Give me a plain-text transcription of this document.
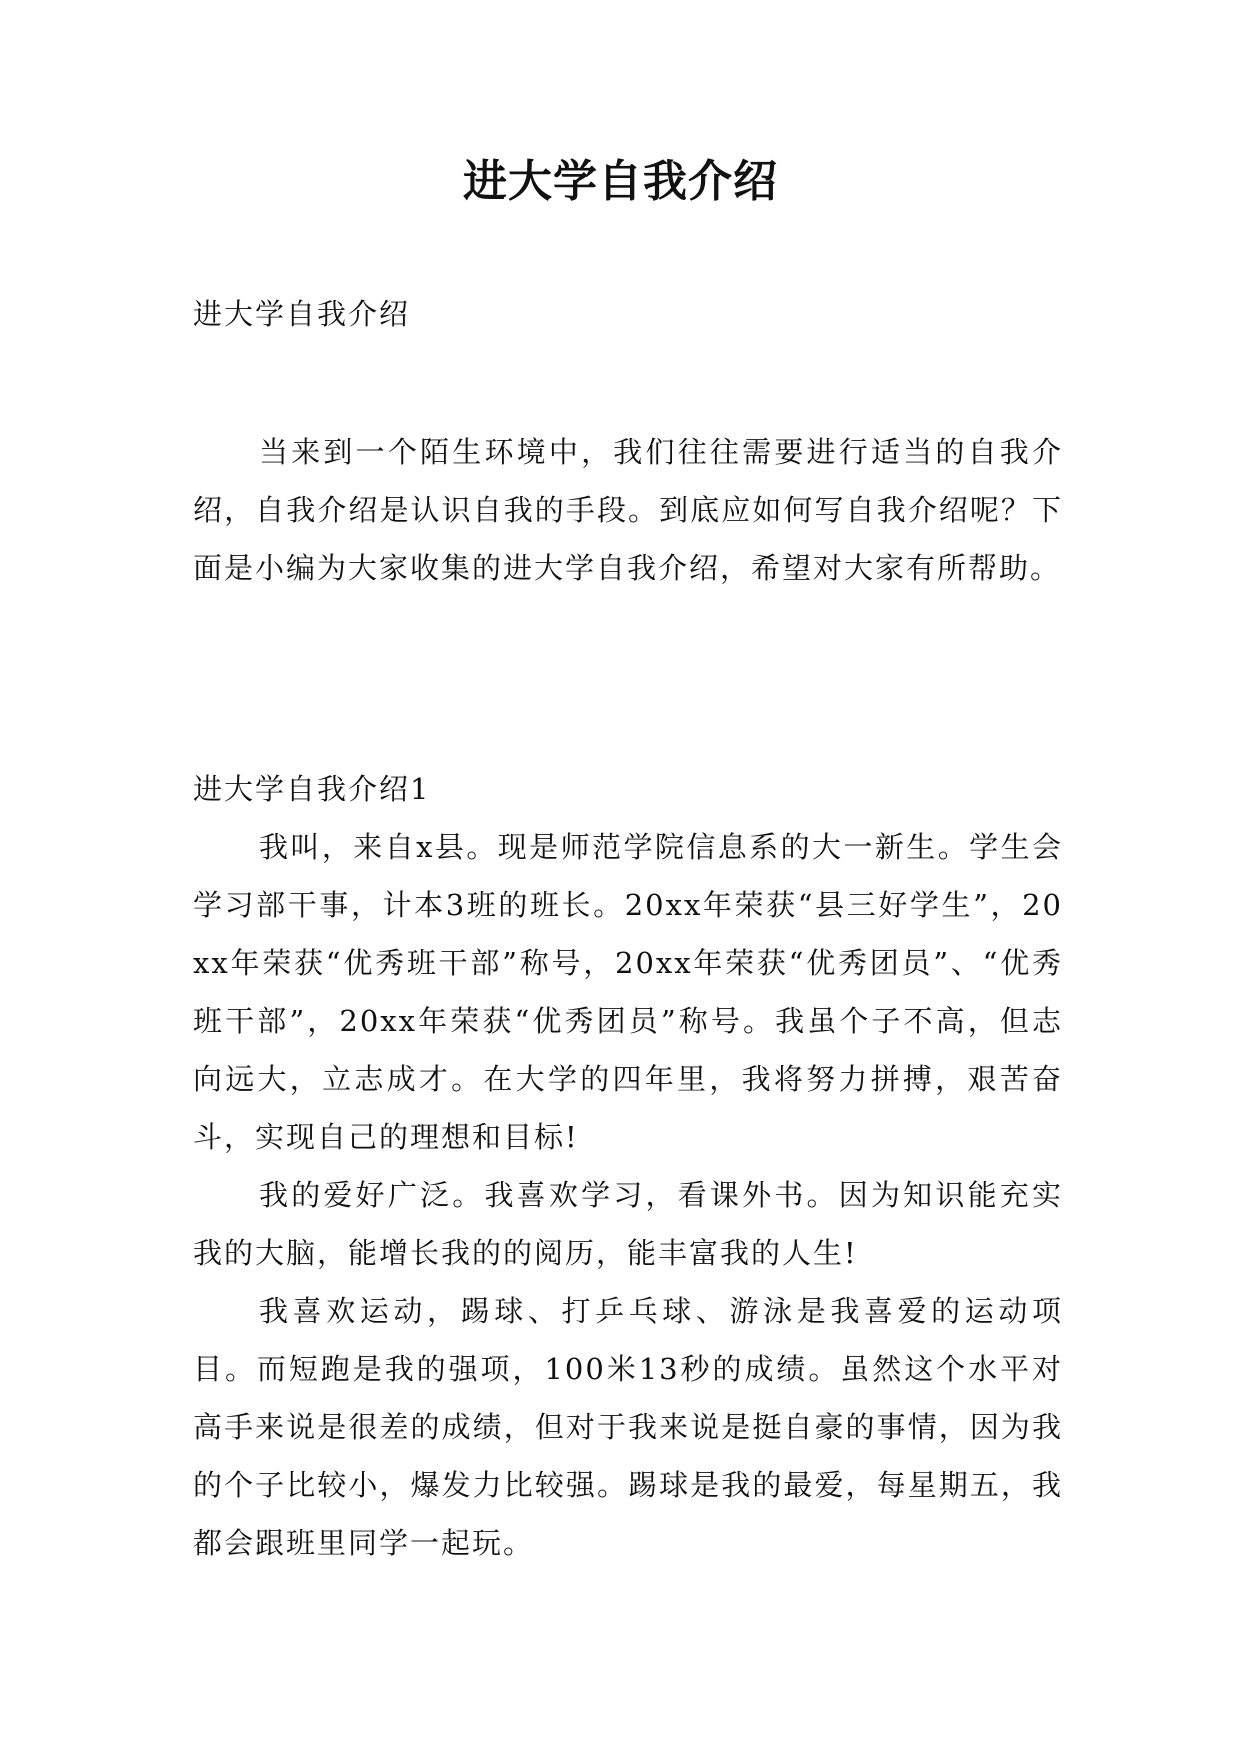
进大学自我介绍
进大学自我介绍

当来到一个陌生环境中，我们往往需要进行适当的自我介绍，自我介绍是认识自我的手段。到底应如何写自我介绍呢？下面是小编为大家收集的进大学自我介绍，希望对大家有所帮助。

进大学自我介绍1

我叫，来自x县。现是师范学院信息系的大一新生。学生会学习部干事，计本3班的班长。20xx年荣获“县三好学生”，20xx年荣获“优秀班干部”称号，20xx年荣获“优秀团员”、“优秀班干部”，20xx年荣获“优秀团员”称号。我虽个子不高，但志向远大，立志成才。在大学的四年里，我将努力拼搏，艰苦奋斗，实现自己的理想和目标!

我的爱好广泛。我喜欢学习，看课外书。因为知识能充实我的大脑，能增长我的的阅历，能丰富我的人生!

我喜欢运动，踢球、打乒乓球、游泳是我喜爱的运动项目。而短跑是我的强项，100米13秒的成绩。虽然这个水平对高手来说是很差的成绩，但对于我来说是挺自豪的事情，因为我的个子比较小，爆发力比较强。踢球是我的最爱，每星期五，我都会跟班里同学一起玩。
